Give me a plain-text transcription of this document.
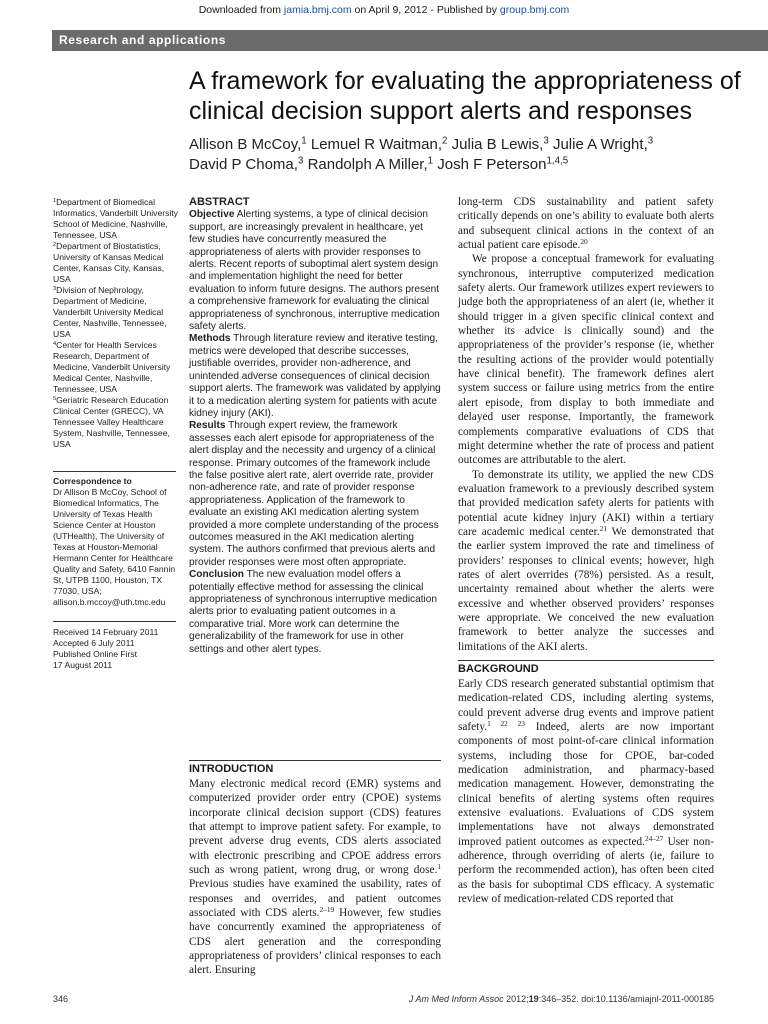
Downloaded from jamia.bmj.com on April 9, 2012 - Published by group.bmj.com
Research and applications
A framework for evaluating the appropriateness of clinical decision support alerts and responses
Allison B McCoy,$^1$ Lemuel R Waitman,$^2$ Julia B Lewis,$^3$ Julie A Wright,$^3$
David P Choma,$^3$ Randolph A Miller,$^1$ Josh F Peterson$^{1,4,5}$

$^1$Department of Biomedical Informatics, Vanderbilt University School of Medicine, Nashville, Tennessee, USA

$^2$Department of Biostatistics, University of Kansas Medical Center, Kansas City, Kansas, USA

$^3$Division of Nephrology, Department of Medicine, Vanderbilt University Medical Center, Nashville, Tennessee, USA

$^4$Center for Health Services Research, Department of Medicine, Vanderbilt University Medical Center, Nashville, Tennessee, USA

$^5$Geriatric Research Education Clinical Center (GRECC), VA Tennessee Valley Healthcare System, Nashville, Tennessee, USA

Correspondence to

Dr Allison B McCoy, School of Biomedical Informatics, The University of Texas Health Science Center at Houston (UTHealth), The University of Texas at Houston-Memorial Hermann Center for Healthcare Quality and Safety, 6410 Fannin St, UTPB 1100, Houston, TX 77030, USA; allison.b.mccoy@uth.tmc.edu

Received 14 February 2011

Accepted 6 July 2011

Published Online First

17 August 2011

ABSTRACT

Objective Alerting systems, a type of clinical decision support, are increasingly prevalent in healthcare, yet few studies have concurrently measured the appropriateness of alerts with provider responses to alerts. Recent reports of suboptimal alert system design and implementation highlight the need for better evaluation to inform future designs. The authors present a comprehensive framework for evaluating the clinical appropriateness of synchronous, interruptive medication safety alerts.

Methods Through literature review and iterative testing, metrics were developed that describe successes, justifiable overrides, provider non-adherence, and unintended adverse consequences of clinical decision support alerts. The framework was validated by applying it to a medication alerting system for patients with acute kidney injury (AKI).

Results Through expert review, the framework assesses each alert episode for appropriateness of the alert display and the necessity and urgency of a clinical response. Primary outcomes of the framework include the false positive alert rate, alert override rate, provider non-adherence rate, and rate of provider response appropriateness. Application of the framework to evaluate an existing AKI medication alerting system provided a more complete understanding of the process outcomes measured in the AKI medication alerting system. The authors confirmed that previous alerts and provider responses were most often appropriate.

Conclusion The new evaluation model offers a potentially effective method for assessing the clinical appropriateness of synchronous interruptive medication alerts prior to evaluating patient outcomes in a comparative trial. More work can determine the generalizability of the framework for use in other settings and other alert types.

INTRODUCTION

Many electronic medical record (EMR) systems and computerized provider order entry (CPOE) systems incorporate clinical decision support (CDS) features that attempt to improve patient safety. For example, to prevent adverse drug events, CDS alerts associated with electronic prescribing and CPOE address errors such as wrong patient, wrong drug, or wrong dose.$^1$ Previous studies have examined the usability, rates of responses and overrides, and patient outcomes associated with CDS alerts.$^{2-19}$ However, few studies have concurrently examined the appropriateness of CDS alert generation and the corresponding appropriateness of providers’ clinical responses to each alert. Ensuring

long-term CDS sustainability and patient safety critically depends on one’s ability to evaluate both alerts and subsequent clinical actions in the context of an actual patient care episode.$^{20}$

We propose a conceptual framework for evaluating synchronous, interruptive computerized medication safety alerts. Our framework utilizes expert reviewers to judge both the appropriateness of an alert (ie, whether it should trigger in a given specific clinical context and whether its advice is clinically sound) and the appropriateness of the provider’s response (ie, whether the resulting actions of the provider would potentially have clinical benefit). The framework defines alert system success or failure using metrics from the entire alert episode, from display to both immediate and delayed user response. Importantly, the framework complements comparative evaluations of CDS that might determine whether the rate of process and patient outcomes are attributable to the alert.

To demonstrate its utility, we applied the new CDS evaluation framework to a previously described system that provided medication safety alerts for patients with potential acute kidney injury (AKI) within a tertiary care academic medical center.$^{21}$ We demonstrated that the earlier system improved the rate and timeliness of providers’ responses to clinical events; however, high rates of alert overrides (78%) persisted. As a result, uncertainty remained about whether the alerts were excessive and whether observed providers’ responses were appropriate. We conceived the new evaluation framework to better analyze the successes and limitations of the AKI alerts.

BACKGROUND

Early CDS research generated substantial optimism that medication-related CDS, including alerting systems, could prevent adverse drug events and improve patient safety.$^{1 22 23}$ Indeed, alerts are now important components of most point-of-care clinical information systems, including those for CPOE, bar-coded medication administration, and pharmacy-based medication management. However, demonstrating the clinical benefits of alerting systems often requires extensive evaluations. Evaluations of CDS system implementations have not always demonstrated improved patient outcomes as expected.$^{24-27}$ User non-adherence, through overriding of alerts (ie, failure to perform the recommended action), has often been cited as the basis for suboptimal CDS efficacy. A systematic review of medication-related CDS reported that

346	J Am Med Inform Assoc 2012;19:346–352. doi:10.1136/amiajnl-2011-000185
